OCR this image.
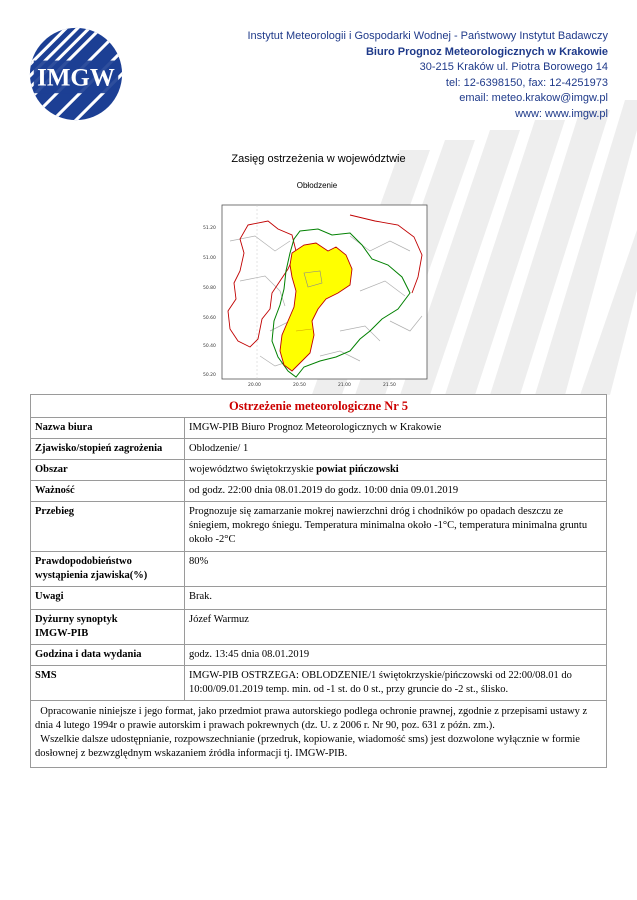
IMGW
Instytut Meteorologii i Gospodarki Wodnej - Państwowy Instytut Badawczy
Biuro Prognoz Meteorologicznych w Krakowie
30-215 Kraków ul. Piotra Borowego 14
tel: 12-6398150, fax: 12-4251973
email: meteo.krakow@imgw.pl
www: www.imgw.pl
Zasięg ostrzeżenia w województwie
Obłodzenie
51.20
51.00
50.80
50.60
50.40
50.20
20.00	20.50	21.00	21.50
Ostrzeżenie meteorologiczne Nr 5	
Nazwa biura	IMGW-PIB Biuro Prognoz Meteorologicznych w Krakowie
Zjawisko/stopień zagrożenia	Oblodzenie/ 1
Obszar	województwo świętokrzyskie powiat pińczowski
Ważność	od godz. 22:00 dnia 08.01.2019 do godz. 10:00 dnia 09.01.2019
Przebieg	Prognozuje się zamarzanie mokrej nawierzchni dróg i chodników po opadach deszczu ze śniegiem, mokrego śniegu. Temperatura minimalna około -1°C, temperatura minimalna gruntu około -2°C
Prawdopodobieństwo wystąpienia zjawiska(%)	80%
Uwagi	Brak.

Dyżurny synoptyk
IMGW-PIB	Józef Warmuz
Godzina i data wydania	godz. 13:45 dnia 08.01.2019
SMS	IMGW-PIB OSTRZEGA: OBLODZENIE/1 świętokrzyskie/pińczowski od 22:00/08.01 do 10:00/09.01.2019 temp. min. od -1 st. do 0 st., przy gruncie do -2 st., ślisko.

Opracowanie niniejsze i jego format, jako przedmiot prawa autorskiego podlega ochronie prawnej, zgodnie z przepisami ustawy z dnia 4 lutego 1994r o prawie autorskim i prawach pokrewnych (dz. U. z 2006 r. Nr 90, poz. 631 z późn. zm.).
Wszelkie dalsze udostępnianie, rozpowszechnianie (przedruk, kopiowanie, wiadomość sms) jest dozwolone wyłącznie w formie dosłownej z bezwzględnym wskazaniem źródła informacji tj. IMGW-PIB.	
